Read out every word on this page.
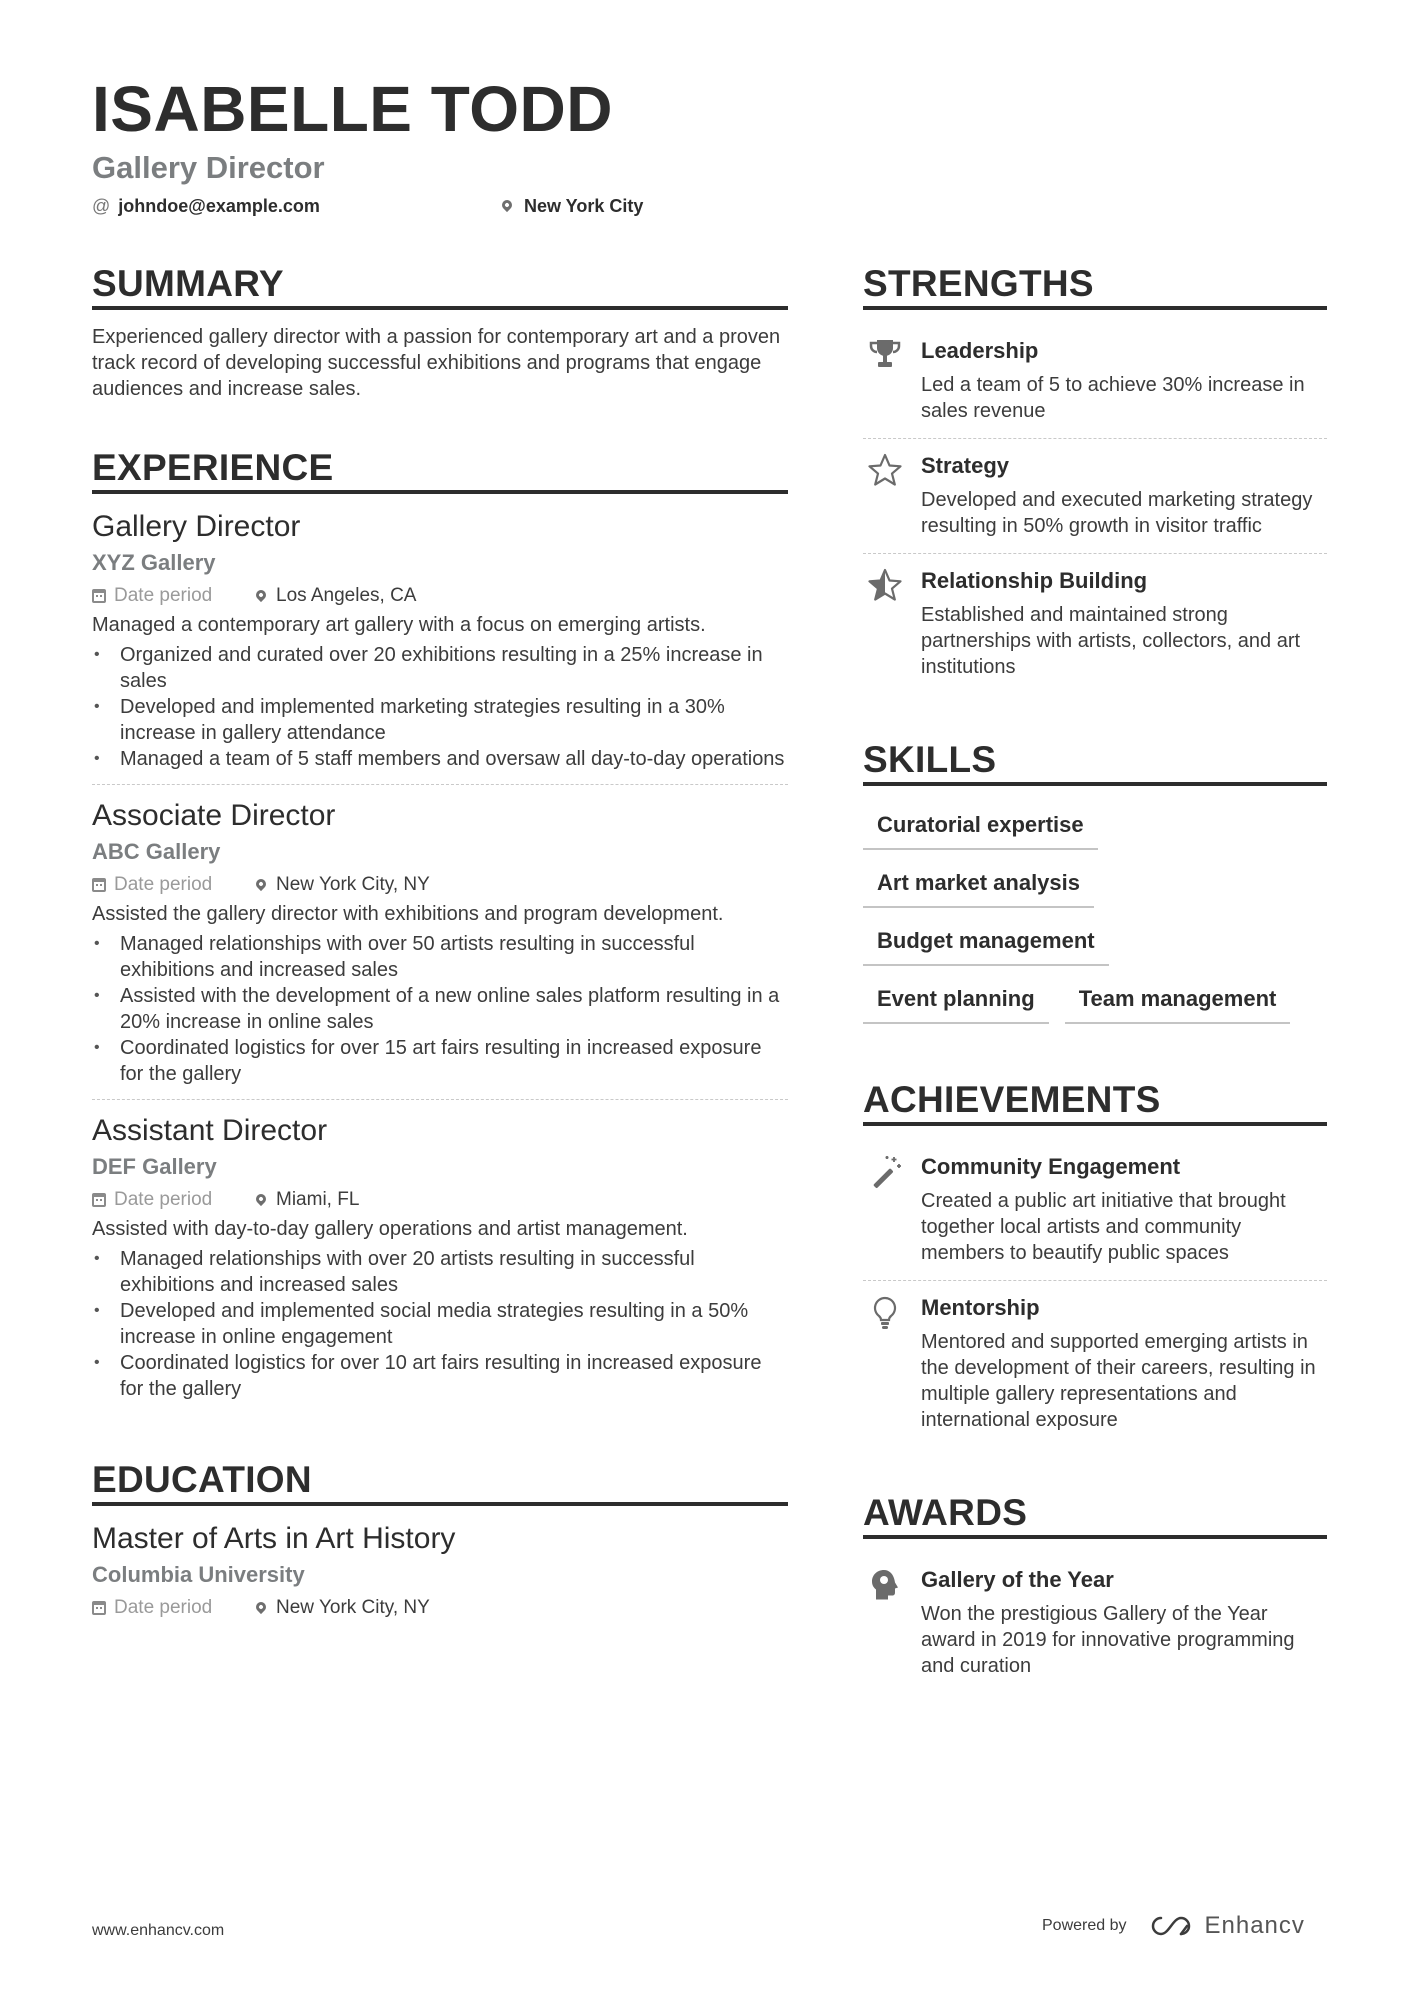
ISABELLE TODD
Gallery Director
@ johndoe@example.com	New York City
SUMMARY

Experienced gallery director with a passion for contemporary art and a proven track record of developing successful exhibitions and programs that engage audiences and increase sales.

EXPERIENCE
Gallery Director
XYZ Gallery
Date period	Los Angeles, CA
Managed a contemporary art gallery with a focus on emerging artists.
• Organized and curated over 20 exhibitions resulting in a 25% increase in sales
• Developed and implemented marketing strategies resulting in a 30% increase in gallery attendance
• Managed a team of 5 staff members and oversaw all day-to-day operations
Associate Director
ABC Gallery
Date period	New York City, NY
Assisted the gallery director with exhibitions and program development.
• Managed relationships with over 50 artists resulting in successful exhibitions and increased sales
• Assisted with the development of a new online sales platform resulting in a 20% increase in online sales
• Coordinated logistics for over 15 art fairs resulting in increased exposure for the gallery
Assistant Director
DEF Gallery
Date period	Miami, FL
Assisted with day-to-day gallery operations and artist management.
• Managed relationships with over 20 artists resulting in successful exhibitions and increased sales
• Developed and implemented social media strategies resulting in a 50% increase in online engagement
• Coordinated logistics for over 10 art fairs resulting in increased exposure for the gallery
EDUCATION
Master of Arts in Art History
Columbia University
Date period	New York City, NY
STRENGTHS
Leadership
Led a team of 5 to achieve 30% increase in sales revenue
Strategy
Developed and executed marketing strategy resulting in 50% growth in visitor traffic
Relationship Building
Established and maintained strong partnerships with artists, collectors, and art institutions
SKILLS
Curatorial expertise
Art market analysis
Budget management
Event planning	Team management
ACHIEVEMENTS
Community Engagement
Created a public art initiative that brought together local artists and community members to beautify public spaces
Mentorship
Mentored and supported emerging artists in the development of their careers, resulting in multiple gallery representations and international exposure
AWARDS
Gallery of the Year
Won the prestigious Gallery of the Year award in 2019 for innovative programming and curation
www.enhancv.com	Powered by	Enhancv
